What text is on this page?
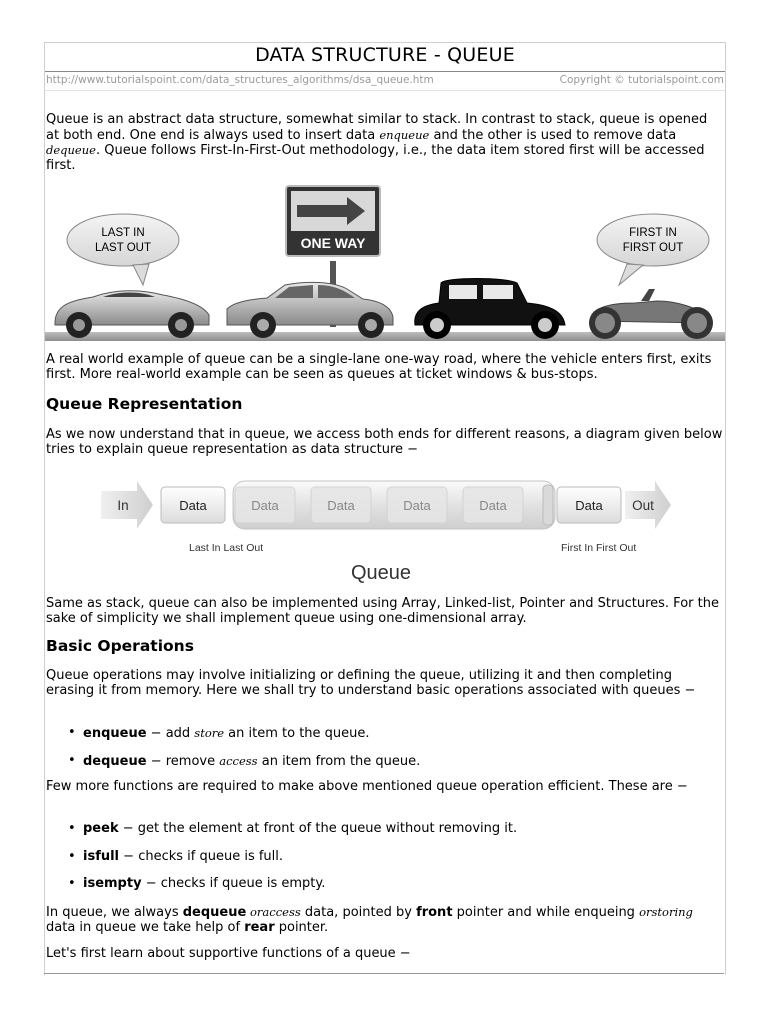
DATA STRUCTURE - QUEUE
http://www.tutorialspoint.com/data_structures_algorithms/dsa_queue.htm	Copyright © tutorialspoint.com
Queue is an abstract data structure, somewhat similar to stack. In contrast to stack, queue is opened at both end. One end is always used to insert data enqueue and the other is used to remove data dequeue. Queue follows First-In-First-Out methodology, i.e., the data item stored first will be accessed first.
LAST IN
LAST OUT
FIRST IN
FIRST OUT
ONE WAY
A real world example of queue can be a single-lane one-way road, where the vehicle enters first, exits first. More real-world example can be seen as queues at ticket windows & bus-stops.
Queue Representation
As we now understand that in queue, we access both ends for different reasons, a diagram given below tries to explain queue representation as data structure −
In	Data	Data	Data	Data	Data	Data Out
Last In Last Out	First In First Out
Queue
Same as stack, queue can also be implemented using Array, Linked-list, Pointer and Structures. For the sake of simplicity we shall implement queue using one-dimensional array.
Basic Operations
Queue operations may involve initializing or defining the queue, utilizing it and then completing erasing it from memory. Here we shall try to understand basic operations associated with queues −
• enqueue − add store an item to the queue.
• dequeue − remove access an item from the queue.
Few more functions are required to make above mentioned queue operation efficient. These are −
• peek − get the element at front of the queue without removing it.
• isfull − checks if queue is full.
• isempty − checks if queue is empty.
In queue, we always dequeue oraccess data, pointed by front pointer and while enqueing orstoring data in queue we take help of rear pointer.
Let's first learn about supportive functions of a queue −
